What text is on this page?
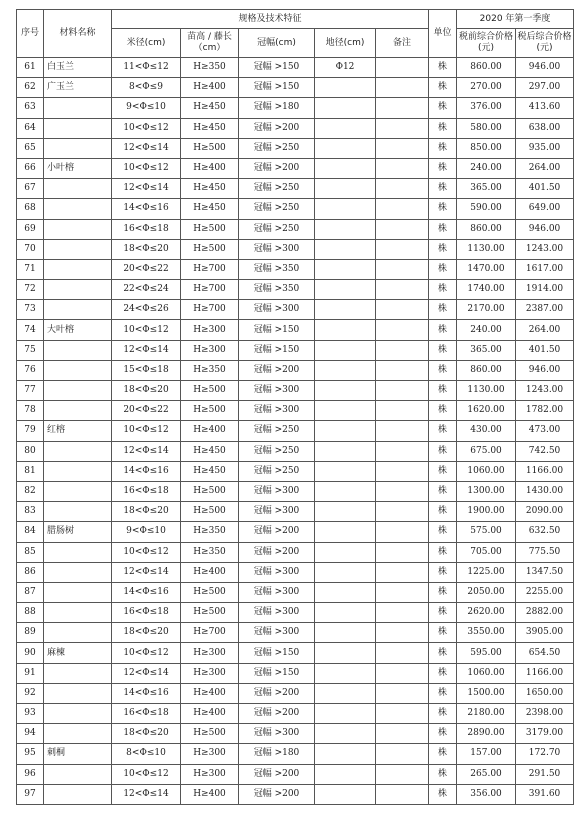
序号	材料名称	规格及技术特征					单位	2020 年第一季度	
		米径(cm)	苗高 / 藤长（cm）	冠幅(cm)	地径(cm)	备注		税前综合价格(元)	税后综合价格(元)
61	白玉兰	11<Φ≤12	H≥350	冠幅 >150	Φ12		株	860.00	946.00
62	广玉兰	8<Φ≤9	H≥400	冠幅 >150			株	270.00	297.00
63		9<Φ≤10	H≥450	冠幅 >180			株	376.00	413.60
64		10<Φ≤12	H≥450	冠幅 >200			株	580.00	638.00
65		12<Φ≤14	H≥500	冠幅 >250			株	850.00	935.00
66	小叶榕	10<Φ≤12	H≥400	冠幅 >200			株	240.00	264.00
67		12<Φ≤14	H≥450	冠幅 >250			株	365.00	401.50
68		14<Φ≤16	H≥450	冠幅 >250			株	590.00	649.00
69		16<Φ≤18	H≥500	冠幅 >250			株	860.00	946.00
70		18<Φ≤20	H≥500	冠幅 >300			株	1130.00	1243.00
71		20<Φ≤22	H≥700	冠幅 >350			株	1470.00	1617.00
72		22<Φ≤24	H≥700	冠幅 >350			株	1740.00	1914.00
73		24<Φ≤26	H≥700	冠幅 >300			株	2170.00	2387.00
74	大叶榕	10<Φ≤12	H≥300	冠幅 >150			株	240.00	264.00
75		12<Φ≤14	H≥300	冠幅 >150			株	365.00	401.50
76		15<Φ≤18	H≥350	冠幅 >200			株	860.00	946.00
77		18<Φ≤20	H≥500	冠幅 >300			株	1130.00	1243.00
78		20<Φ≤22	H≥500	冠幅 >300			株	1620.00	1782.00
79	红榕	10<Φ≤12	H≥400	冠幅 >250			株	430.00	473.00
80		12<Φ≤14	H≥450	冠幅 >250			株	675.00	742.50
81		14<Φ≤16	H≥450	冠幅 >250			株	1060.00	1166.00
82		16<Φ≤18	H≥500	冠幅 >300			株	1300.00	1430.00
83		18<Φ≤20	H≥500	冠幅 >300			株	1900.00	2090.00
84	腊肠树	9<Φ≤10	H≥350	冠幅 >200			株	575.00	632.50
85		10<Φ≤12	H≥350	冠幅 >200			株	705.00	775.50
86		12<Φ≤14	H≥400	冠幅 >300			株	1225.00	1347.50
87		14<Φ≤16	H≥500	冠幅 >300			株	2050.00	2255.00
88		16<Φ≤18	H≥500	冠幅 >300			株	2620.00	2882.00
89		18<Φ≤20	H≥700	冠幅 >300			株	3550.00	3905.00
90	麻楝	10<Φ≤12	H≥300	冠幅 >150			株	595.00	654.50
91		12<Φ≤14	H≥300	冠幅 >150			株	1060.00	1166.00
92		14<Φ≤16	H≥400	冠幅 >200			株	1500.00	1650.00
93		16<Φ≤18	H≥400	冠幅 >200			株	2180.00	2398.00
94		18<Φ≤20	H≥500	冠幅 >300			株	2890.00	3179.00
95	刺桐	8<Φ≤10	H≥300	冠幅 >180			株	157.00	172.70
96		10<Φ≤12	H≥300	冠幅 >200			株	265.00	291.50
97		12<Φ≤14	H≥400	冠幅 >200			株	356.00	391.60
